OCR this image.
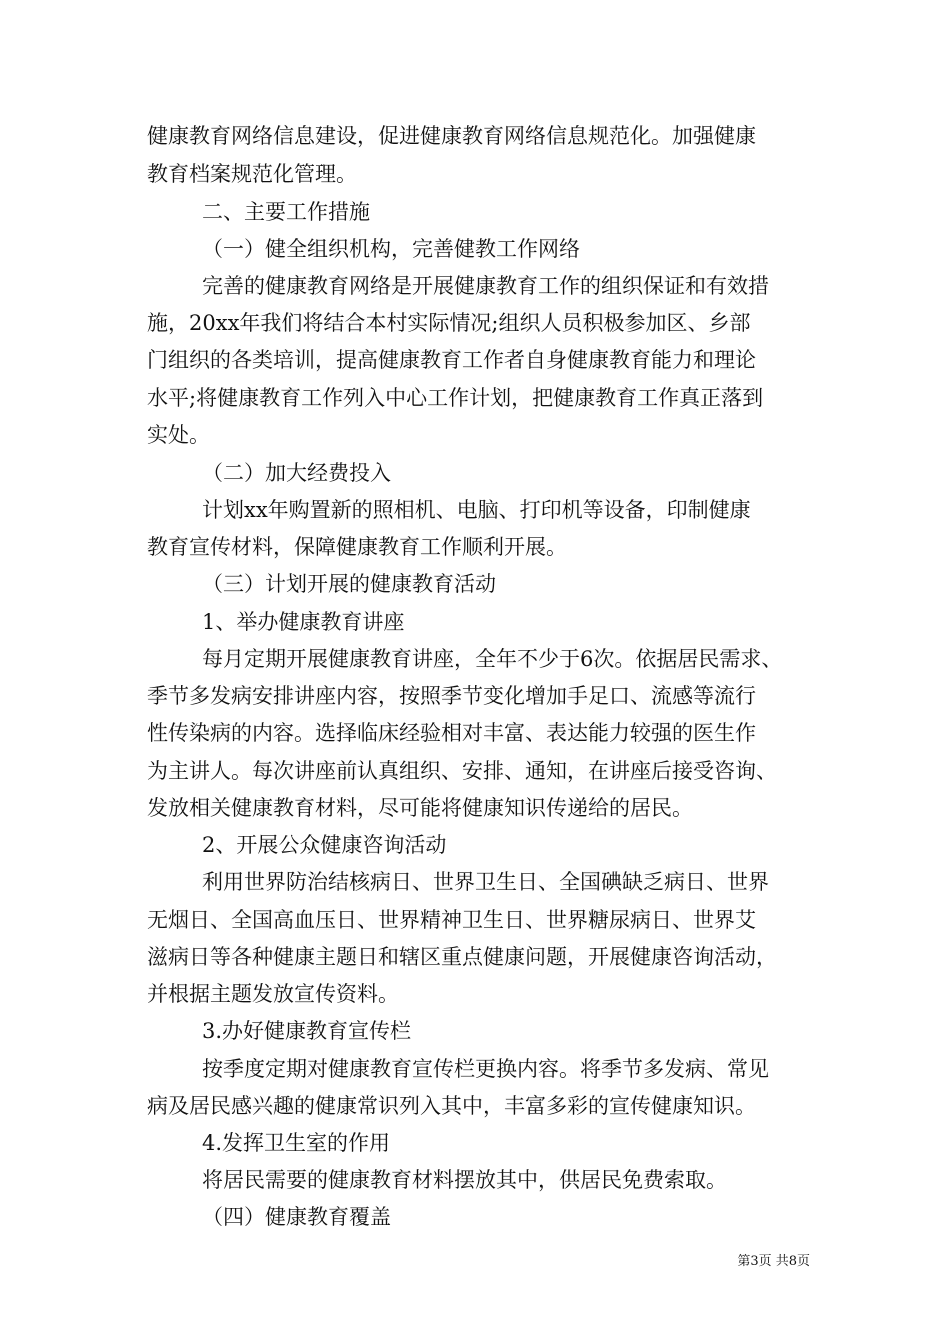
健康教育网络信息建设，促进健康教育网络信息规范化。加强健康
教育档案规范化管理。
二、主要工作措施
（一）健全组织机构，完善健教工作网络
完善的健康教育网络是开展健康教育工作的组织保证和有效措
施，20xx年我们将结合本村实际情况;组织人员积极参加区、乡部
门组织的各类培训，提高健康教育工作者自身健康教育能力和理论
水平;将健康教育工作列入中心工作计划，把健康教育工作真正落到
实处。
（二）加大经费投入
计划xx年购置新的照相机、电脑、打印机等设备，印制健康
教育宣传材料，保障健康教育工作顺利开展。
（三）计划开展的健康教育活动
1、举办健康教育讲座
每月定期开展健康教育讲座，全年不少于6次。依据居民需求、
季节多发病安排讲座内容，按照季节变化增加手足口、流感等流行
性传染病的内容。选择临床经验相对丰富、表达能力较强的医生作
为主讲人。每次讲座前认真组织、安排、通知，在讲座后接受咨询、
发放相关健康教育材料，尽可能将健康知识传递给的居民。
2、开展公众健康咨询活动
利用世界防治结核病日、世界卫生日、全国碘缺乏病日、世界
无烟日、全国高血压日、世界精神卫生日、世界糖尿病日、世界艾
滋病日等各种健康主题日和辖区重点健康问题，开展健康咨询活动，
并根据主题发放宣传资料。
3.办好健康教育宣传栏
按季度定期对健康教育宣传栏更换内容。将季节多发病、常见
病及居民感兴趣的健康常识列入其中，丰富多彩的宣传健康知识。
4.发挥卫生室的作用
将居民需要的健康教育材料摆放其中，供居民免费索取。
（四）健康教育覆盖
第3页 共8页
